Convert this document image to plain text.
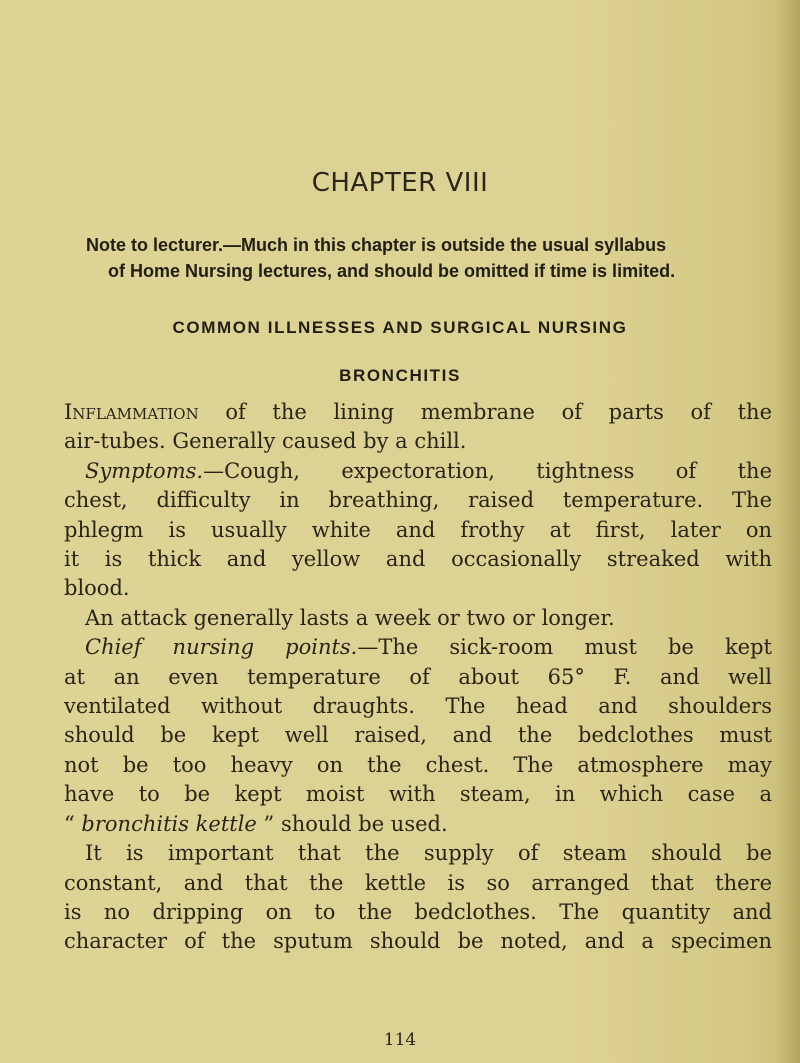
CHAPTER VIII
Note to lecturer.—Much in this chapter is outside the usual syllabus
of Home Nursing lectures, and should be omitted if time is limited.
COMMON ILLNESSES AND SURGICAL NURSING
BRONCHITIS
Inflammation of the lining membrane of parts of the
air-tubes. Generally caused by a chill.
Symptoms.—Cough, expectoration, tightness of the
chest, difficulty in breathing, raised temperature. The
phlegm is usually white and frothy at first, later on
it is thick and yellow and occasionally streaked with
blood.
An attack generally lasts a week or two or longer.
Chief nursing points.—The sick-room must be kept
at an even temperature of about 65° F. and well
ventilated without draughts. The head and shoulders
should be kept well raised, and the bedclothes must
not be too heavy on the chest. The atmosphere may
have to be kept moist with steam, in which case a
“ bronchitis kettle ” should be used.
It is important that the supply of steam should be
constant, and that the kettle is so arranged that there
is no dripping on to the bedclothes. The quantity and
character of the sputum should be noted, and a specimen
114
